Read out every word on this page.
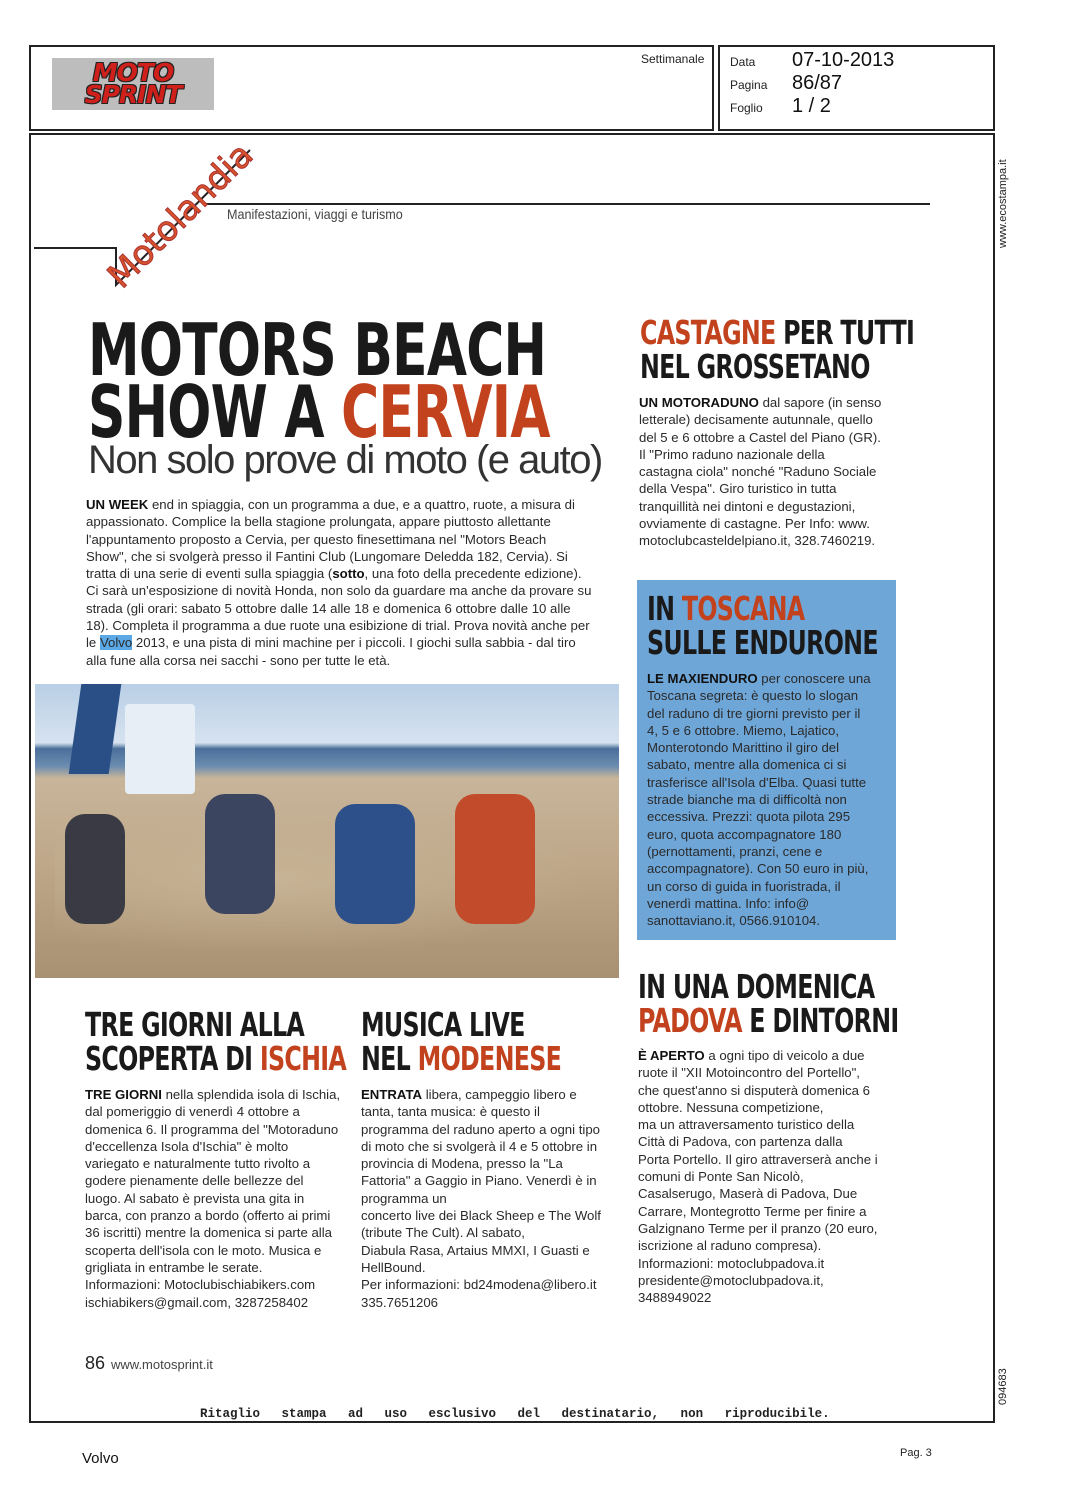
MOTO
SPRINT
Settimanale Data 07-10-2013
Pagina 86/87
Foglio 1 / 2
www.ecostampa.it
094683
Motolandia
Manifestazioni, viaggi e turismo
MOTORS BEACH
SHOW A CERVIA
Non solo prove di moto (e auto)
UN WEEK end in spiaggia, con un programma a due, e a quattro, ruote, a misura di
appassionato. Complice la bella stagione prolungata, appare piuttosto allettante
l'appuntamento proposto a Cervia, per questo finesettimana nel "Motors Beach
Show", che si svolgerà presso il Fantini Club (Lungomare Deledda 182, Cervia). Si
tratta di una serie di eventi sulla spiaggia (sotto, una foto della precedente edizione).
Ci sarà un'esposizione di novità Honda, non solo da guardare ma anche da provare su
strada (gli orari: sabato 5 ottobre dalle 14 alle 18 e domenica 6 ottobre dalle 10 alle
18). Completa il programma a due ruote una esibizione di trial. Prova novità anche per
le Volvo 2013, e una pista di mini machine per i piccoli. I giochi sulla sabbia - dal tiro
alla fune alla corsa nei sacchi - sono per tutte le età.
CASTAGNE PER TUTTI
NEL GROSSETANO
UN MOTORADUNO dal sapore (in senso
letterale) decisamente autunnale, quello
del 5 e 6 ottobre a Castel del Piano (GR).
Il "Primo raduno nazionale della
castagna ciola" nonché "Raduno Sociale
della Vespa". Giro turistico in tutta
tranquillità nei dintoni e degustazioni,
ovviamente di castagne. Per Info: www.
motoclubcasteldelpiano.it, 328.7460219.
IN TOSCANA
SULLE ENDURONE
LE MAXIENDURO per conoscere una
Toscana segreta: è questo lo slogan
del raduno di tre giorni previsto per il
4, 5 e 6 ottobre. Miemo, Lajatico,
Monterotondo Marittino il giro del
sabato, mentre alla domenica ci si
trasferisce all'Isola d'Elba. Quasi tutte
strade bianche ma di difficoltà non
eccessiva. Prezzi: quota pilota 295
euro, quota accompagnatore 180
(pernottamenti, pranzi, cene e
accompagnatore). Con 50 euro in più,
un corso di guida in fuoristrada, il
venerdì mattina. Info: info@
sanottaviano.it, 0566.910104.
IN UNA DOMENICA
PADOVA E DINTORNI
È APERTO a ogni tipo di veicolo a due
ruote il "XII Motoincontro del Portello",
che quest'anno si disputerà domenica 6
ottobre. Nessuna competizione,
ma un attraversamento turistico della
Città di Padova, con partenza dalla
Porta Portello. Il giro attraverserà anche i
comuni di Ponte San Nicolò,
Casalserugo, Maserà di Padova, Due
Carrare, Montegrotto Terme per finire a
Galzignano Terme per il pranzo (20 euro,
iscrizione al raduno compresa).
Informazioni: motoclubpadova.it
presidente@motoclubpadova.it,
3488949022
TRE GIORNI ALLA
SCOPERTA DI ISCHIA
TRE GIORNI nella splendida isola di Ischia,
dal pomeriggio di venerdì 4 ottobre a
domenica 6. Il programma del "Motoraduno
d'eccellenza Isola d'Ischia" è molto
variegato e naturalmente tutto rivolto a
godere pienamente delle bellezze del
luogo. Al sabato è prevista una gita in
barca, con pranzo a bordo (offerto ai primi
36 iscritti) mentre la domenica si parte alla
scoperta dell'isola con le moto. Musica e
grigliata in entrambe le serate.
Informazioni: Motoclubischiabikers.com
ischiabikers@gmail.com, 3287258402
MUSICA LIVE
NEL MODENESE
ENTRATA libera, campeggio libero e
tanta, tanta musica: è questo il
programma del raduno aperto a ogni tipo
di moto che si svolgerà il 4 e 5 ottobre in
provincia di Modena, presso la "La
Fattoria" a Gaggio in Piano. Venerdì è in
programma un
concerto live dei Black Sheep e The Wolf
(tribute The Cult). Al sabato,
Diabula Rasa, Artaius MMXI, I Guasti e
HellBound.
Per informazioni: bd24modena@libero.it
335.7651206
86 www.motosprint.it
Ritaglio stampa ad uso esclusivo del destinatario, non riproducibile.
Volvo	Pag. 3
